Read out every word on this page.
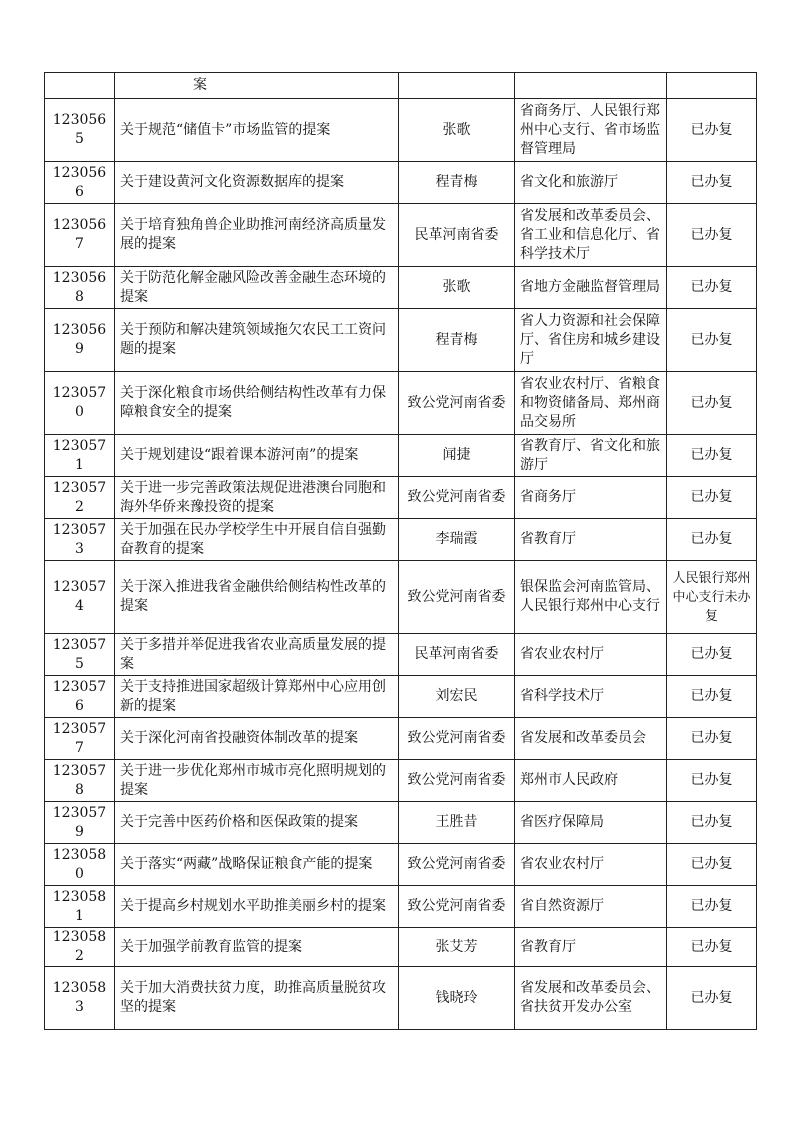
	案			
1230565	关于规范“储值卡”市场监管的提案	张歌	省商务厅、人民银行郑州中心支行、省市场监督管理局	已办复
1230566	关于建设黄河文化资源数据库的提案	程青梅	省文化和旅游厅	已办复
1230567	关于培育独角兽企业助推河南经济高质量发展的提案	民革河南省委	省发展和改革委员会、省工业和信息化厅、省科学技术厅	已办复
1230568	关于防范化解金融风险改善金融生态环境的提案	张歌	省地方金融监督管理局	已办复
1230569	关于预防和解决建筑领域拖欠农民工工资问题的提案	程青梅	省人力资源和社会保障厅、省住房和城乡建设厅	已办复
1230570	关于深化粮食市场供给侧结构性改革有力保障粮食安全的提案	致公党河南省委	省农业农村厅、省粮食和物资储备局、郑州商品交易所	已办复
1230571	关于规划建设“跟着课本游河南”的提案	闻捷	省教育厅、省文化和旅游厅	已办复
1230572	关于进一步完善政策法规促进港澳台同胞和海外华侨来豫投资的提案	致公党河南省委	省商务厅	已办复
1230573	关于加强在民办学校学生中开展自信自强勤奋教育的提案	李瑞霞	省教育厅	已办复
1230574	关于深入推进我省金融供给侧结构性改革的提案	致公党河南省委	银保监会河南监管局、人民银行郑州中心支行	人民银行郑州中心支行未办复
1230575	关于多措并举促进我省农业高质量发展的提案	民革河南省委	省农业农村厅	已办复
1230576	关于支持推进国家超级计算郑州中心应用创新的提案	刘宏民	省科学技术厅	已办复
1230577	关于深化河南省投融资体制改革的提案	致公党河南省委	省发展和改革委员会	已办复
1230578	关于进一步优化郑州市城市亮化照明规划的提案	致公党河南省委	郑州市人民政府	已办复
1230579	关于完善中医药价格和医保政策的提案	王胜昔	省医疗保障局	已办复
1230580	关于落实“两藏”战略保证粮食产能的提案	致公党河南省委	省农业农村厅	已办复
1230581	关于提高乡村规划水平助推美丽乡村的提案	致公党河南省委	省自然资源厅	已办复
1230582	关于加强学前教育监管的提案	张艾芳	省教育厅	已办复
1230583	关于加大消费扶贫力度，助推高质量脱贫攻坚的提案	钱晓玲	省发展和改革委员会、省扶贫开发办公室	已办复
